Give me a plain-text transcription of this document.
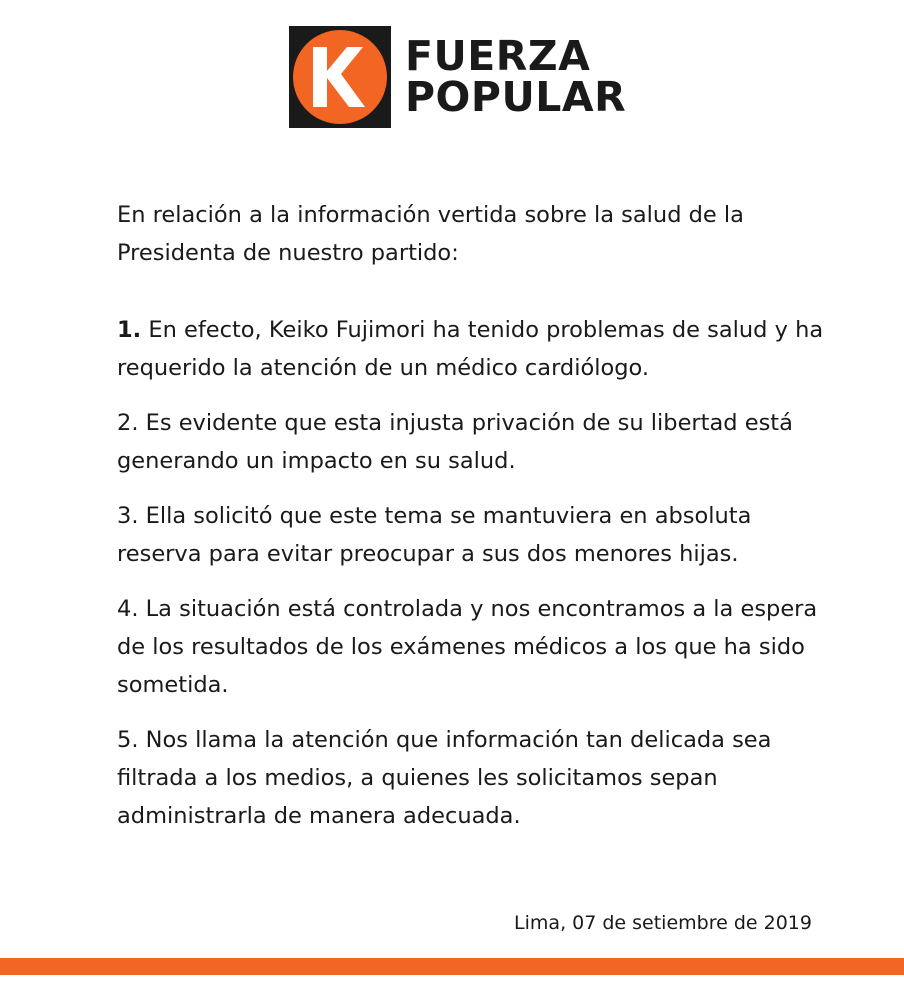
FUERZA
POPULAR

En relación a la información vertida sobre la salud de la Presidenta de nuestro partido:

1. En efecto, Keiko Fujimori ha tenido problemas de salud y ha requerido la atención de un médico cardiólogo.

2. Es evidente que esta injusta privación de su libertad está generando un impacto en su salud.

3. Ella solicitó que este tema se mantuviera en absoluta reserva para evitar preocupar a sus dos menores hijas.

4. La situación está controlada y nos encontramos a la espera de los resultados de los exámenes médicos a los que ha sido sometida.

5. Nos llama la atención que información tan delicada sea filtrada a los medios, a quienes les solicitamos sepan administrarla de manera adecuada.

Lima, 07 de setiembre de 2019
